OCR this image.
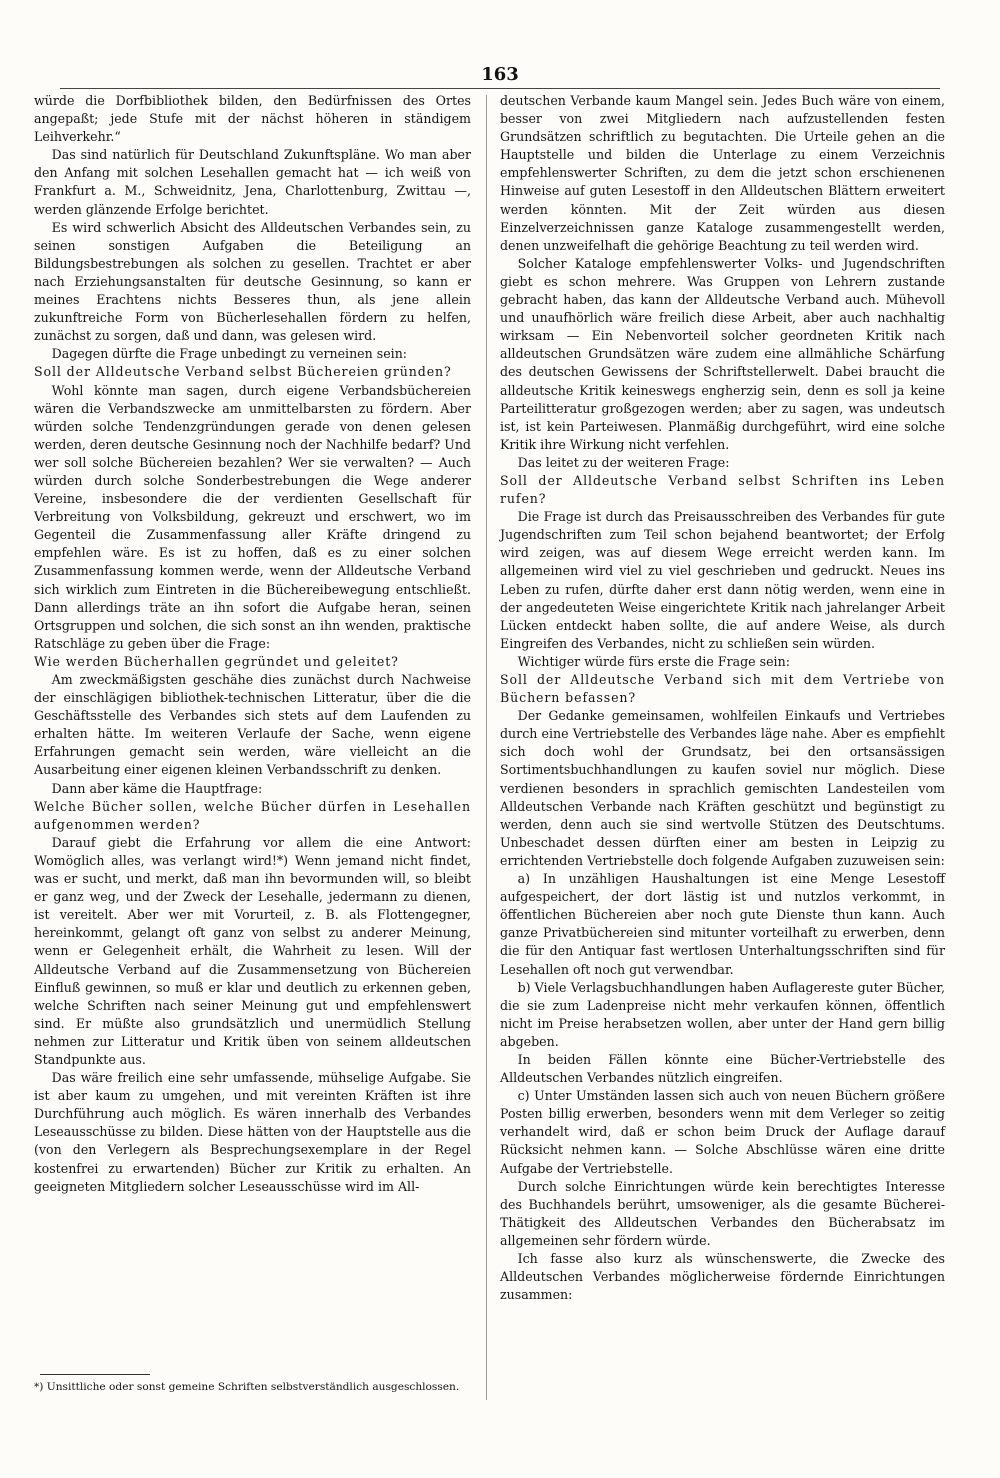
163

würde die Dorfbibliothek bilden, den Bedürfnissen des Ortes angepaßt; jede Stufe mit der nächst höheren in ständigem Leihverkehr.“

Das sind natürlich für Deutschland Zukunftspläne. Wo man aber den Anfang mit solchen Lesehallen gemacht hat — ich weiß von Frankfurt a. M., Schweidnitz, Jena, Charlottenburg, Zwittau —, werden glänzende Erfolge berichtet.

Es wird schwerlich Absicht des Alldeutschen Verbandes sein, zu seinen sonstigen Aufgaben die Beteiligung an Bildungsbestrebungen als solchen zu gesellen. Trachtet er aber nach Erziehungsanstalten für deutsche Gesinnung, so kann er meines Erachtens nichts Besseres thun, als jene allein zukunftreiche Form von Bücherlesehallen fördern zu helfen, zunächst zu sorgen, daß und dann, was gelesen wird.

Dagegen dürfte die Frage unbedingt zu verneinen sein:

Soll der Alldeutsche Verband selbst Büchereien gründen?

Wohl könnte man sagen, durch eigene Verbandsbüchereien wären die Verbandszwecke am unmittelbarsten zu fördern. Aber würden solche Tendenzgründungen gerade von denen gelesen werden, deren deutsche Gesinnung noch der Nachhilfe bedarf? Und wer soll solche Büchereien bezahlen? Wer sie verwalten? — Auch würden durch solche Sonderbestrebungen die Wege anderer Vereine, insbesondere die der verdienten Gesellschaft für Verbreitung von Volksbildung, gekreuzt und erschwert, wo im Gegenteil die Zusammenfassung aller Kräfte dringend zu empfehlen wäre. Es ist zu hoffen, daß es zu einer solchen Zusammenfassung kommen werde, wenn der Alldeutsche Verband sich wirklich zum Eintreten in die Büchereibewegung entschließt. Dann allerdings träte an ihn sofort die Aufgabe heran, seinen Ortsgruppen und solchen, die sich sonst an ihn wenden, praktische Ratschläge zu geben über die Frage:

Wie werden Bücherhallen gegründet und geleitet?

Am zweckmäßigsten geschähe dies zunächst durch Nachweise der einschlägigen bibliothek-technischen Litteratur, über die die Geschäftsstelle des Verbandes sich stets auf dem Laufenden zu erhalten hätte. Im weiteren Verlaufe der Sache, wenn eigene Erfahrungen gemacht sein werden, wäre vielleicht an die Ausarbeitung einer eigenen kleinen Verbandsschrift zu denken.

Dann aber käme die Hauptfrage:

Welche Bücher sollen, welche Bücher dürfen in Lesehallen aufgenommen werden?

Darauf giebt die Erfahrung vor allem die eine Antwort: Womöglich alles, was verlangt wird!*) Wenn jemand nicht findet, was er sucht, und merkt, daß man ihn bevormunden will, so bleibt er ganz weg, und der Zweck der Lesehalle, jedermann zu dienen, ist vereitelt. Aber wer mit Vorurteil, z. B. als Flottengegner, hereinkommt, gelangt oft ganz von selbst zu anderer Meinung, wenn er Gelegenheit erhält, die Wahrheit zu lesen. Will der Alldeutsche Verband auf die Zusammensetzung von Büchereien Einfluß gewinnen, so muß er klar und deutlich zu erkennen geben, welche Schriften nach seiner Meinung gut und empfehlenswert sind. Er müßte also grundsätzlich und unermüdlich Stellung nehmen zur Litteratur und Kritik üben von seinem alldeutschen Standpunkte aus.

Das wäre freilich eine sehr umfassende, mühselige Aufgabe. Sie ist aber kaum zu umgehen, und mit vereinten Kräften ist ihre Durchführung auch möglich. Es wären innerhalb des Verbandes Leseausschüsse zu bilden. Diese hätten von der Hauptstelle aus die (von den Verlegern als Besprechungsexemplare in der Regel kostenfrei zu erwartenden) Bücher zur Kritik zu erhalten. An geeigneten Mitgliedern solcher Leseausschüsse wird im All-

*) Unsittliche oder sonst gemeine Schriften selbstverständlich ausgeschlossen.

deutschen Verbande kaum Mangel sein. Jedes Buch wäre von einem, besser von zwei Mitgliedern nach aufzustellenden festen Grundsätzen schriftlich zu begutachten. Die Urteile gehen an die Hauptstelle und bilden die Unterlage zu einem Verzeichnis empfehlenswerter Schriften, zu dem die jetzt schon erschienenen Hinweise auf guten Lesestoff in den Alldeutschen Blättern erweitert werden könnten. Mit der Zeit würden aus diesen Einzelverzeichnissen ganze Kataloge zusammengestellt werden, denen unzweifelhaft die gehörige Beachtung zu teil werden wird.

Solcher Kataloge empfehlenswerter Volks- und Jugendschriften giebt es schon mehrere. Was Gruppen von Lehrern zustande gebracht haben, das kann der Alldeutsche Verband auch. Mühevoll und unaufhörlich wäre freilich diese Arbeit, aber auch nachhaltig wirksam — Ein Nebenvorteil solcher geordneten Kritik nach alldeutschen Grundsätzen wäre zudem eine allmähliche Schärfung des deutschen Gewissens der Schriftstellerwelt. Dabei braucht die alldeutsche Kritik keineswegs engherzig sein, denn es soll ja keine Parteilitteratur großgezogen werden; aber zu sagen, was undeutsch ist, ist kein Parteiwesen. Planmäßig durchgeführt, wird eine solche Kritik ihre Wirkung nicht verfehlen.

Das leitet zu der weiteren Frage:

Soll der Alldeutsche Verband selbst Schriften ins Leben rufen?

Die Frage ist durch das Preisausschreiben des Verbandes für gute Jugendschriften zum Teil schon bejahend beantwortet; der Erfolg wird zeigen, was auf diesem Wege erreicht werden kann. Im allgemeinen wird viel zu viel geschrieben und gedruckt. Neues ins Leben zu rufen, dürfte daher erst dann nötig werden, wenn eine in der angedeuteten Weise eingerichtete Kritik nach jahrelanger Arbeit Lücken entdeckt haben sollte, die auf andere Weise, als durch Eingreifen des Verbandes, nicht zu schließen sein würden.

Wichtiger würde fürs erste die Frage sein:

Soll der Alldeutsche Verband sich mit dem Vertriebe von Büchern befassen?

Der Gedanke gemeinsamen, wohlfeilen Einkaufs und Vertriebes durch eine Vertriebstelle des Verbandes läge nahe. Aber es empfiehlt sich doch wohl der Grundsatz, bei den ortsansässigen Sortimentsbuchhandlungen zu kaufen soviel nur möglich. Diese verdienen besonders in sprachlich gemischten Landesteilen vom Alldeutschen Verbande nach Kräften geschützt und begünstigt zu werden, denn auch sie sind wertvolle Stützen des Deutschtums. Unbeschadet dessen dürften einer am besten in Leipzig zu errichtenden Vertriebstelle doch folgende Aufgaben zuzuweisen sein:

a) In unzähligen Haushaltungen ist eine Menge Lesestoff aufgespeichert, der dort lästig ist und nutzlos verkommt, in öffentlichen Büchereien aber noch gute Dienste thun kann. Auch ganze Privatbüchereien sind mitunter vorteilhaft zu erwerben, denn die für den Antiquar fast wertlosen Unterhaltungsschriften sind für Lesehallen oft noch gut verwendbar.

b) Viele Verlagsbuchhandlungen haben Auflagereste guter Bücher, die sie zum Ladenpreise nicht mehr verkaufen können, öffentlich nicht im Preise herabsetzen wollen, aber unter der Hand gern billig abgeben.

In beiden Fällen könnte eine Bücher-Vertriebstelle des Alldeutschen Verbandes nützlich eingreifen.

c) Unter Umständen lassen sich auch von neuen Büchern größere Posten billig erwerben, besonders wenn mit dem Verleger so zeitig verhandelt wird, daß er schon beim Druck der Auflage darauf Rücksicht nehmen kann. — Solche Abschlüsse wären eine dritte Aufgabe der Vertriebstelle.

Durch solche Einrichtungen würde kein berechtigtes Interesse des Buchhandels berührt, umsoweniger, als die gesamte Bücherei-Thätigkeit des Alldeutschen Verbandes den Bücherabsatz im allgemeinen sehr fördern würde.

Ich fasse also kurz als wünschenswerte, die Zwecke des Alldeutschen Verbandes möglicherweise fördernde Einrichtungen zusammen:
